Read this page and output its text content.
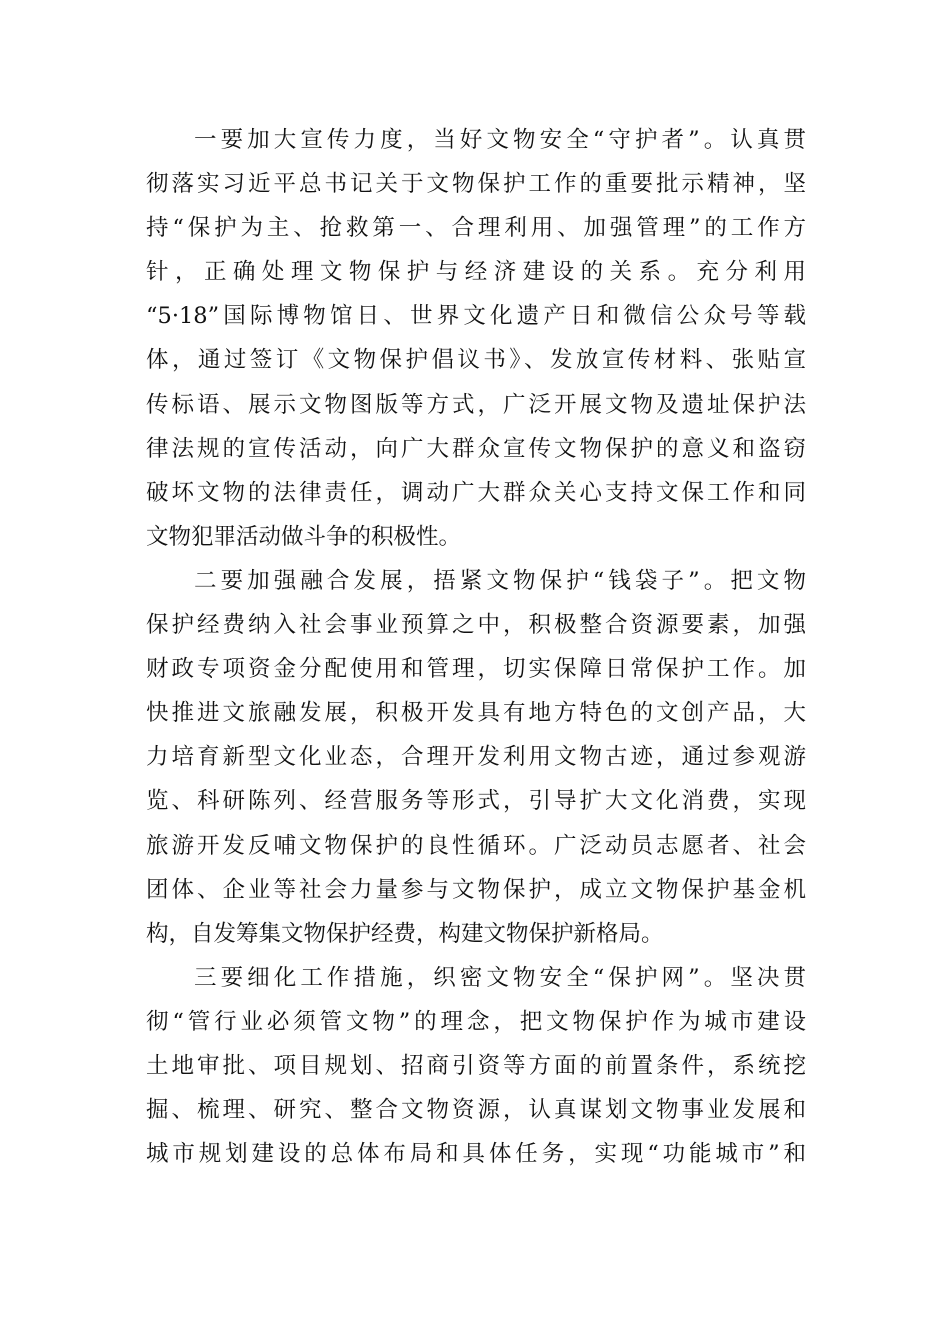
一要加大宣传力度，当好文物安全“守护者”。认真贯
彻落实习近平总书记关于文物保护工作的重要批示精神，坚
持“保护为主、抢救第一、合理利用、加强管理”的工作方
针，正确处理文物保护与经济建设的关系。充分利用
“5·18”国际博物馆日、世界文化遗产日和微信公众号等载
体，通过签订《文物保护倡议书》、发放宣传材料、张贴宣
传标语、展示文物图版等方式，广泛开展文物及遗址保护法
律法规的宣传活动，向广大群众宣传文物保护的意义和盗窃
破坏文物的法律责任，调动广大群众关心支持文保工作和同
文物犯罪活动做斗争的积极性。
二要加强融合发展，捂紧文物保护“钱袋子”。把文物
保护经费纳入社会事业预算之中，积极整合资源要素，加强
财政专项资金分配使用和管理，切实保障日常保护工作。加
快推进文旅融发展，积极开发具有地方特色的文创产品，大
力培育新型文化业态，合理开发利用文物古迹，通过参观游
览、科研陈列、经营服务等形式，引导扩大文化消费，实现
旅游开发反哺文物保护的良性循环。广泛动员志愿者、社会
团体、企业等社会力量参与文物保护，成立文物保护基金机
构，自发筹集文物保护经费，构建文物保护新格局。
三要细化工作措施，织密文物安全“保护网”。坚决贯
彻“管行业必须管文物”的理念，把文物保护作为城市建设
土地审批、项目规划、招商引资等方面的前置条件，系统挖
掘、梳理、研究、整合文物资源，认真谋划文物事业发展和
城市规划建设的总体布局和具体任务，实现“功能城市”和
